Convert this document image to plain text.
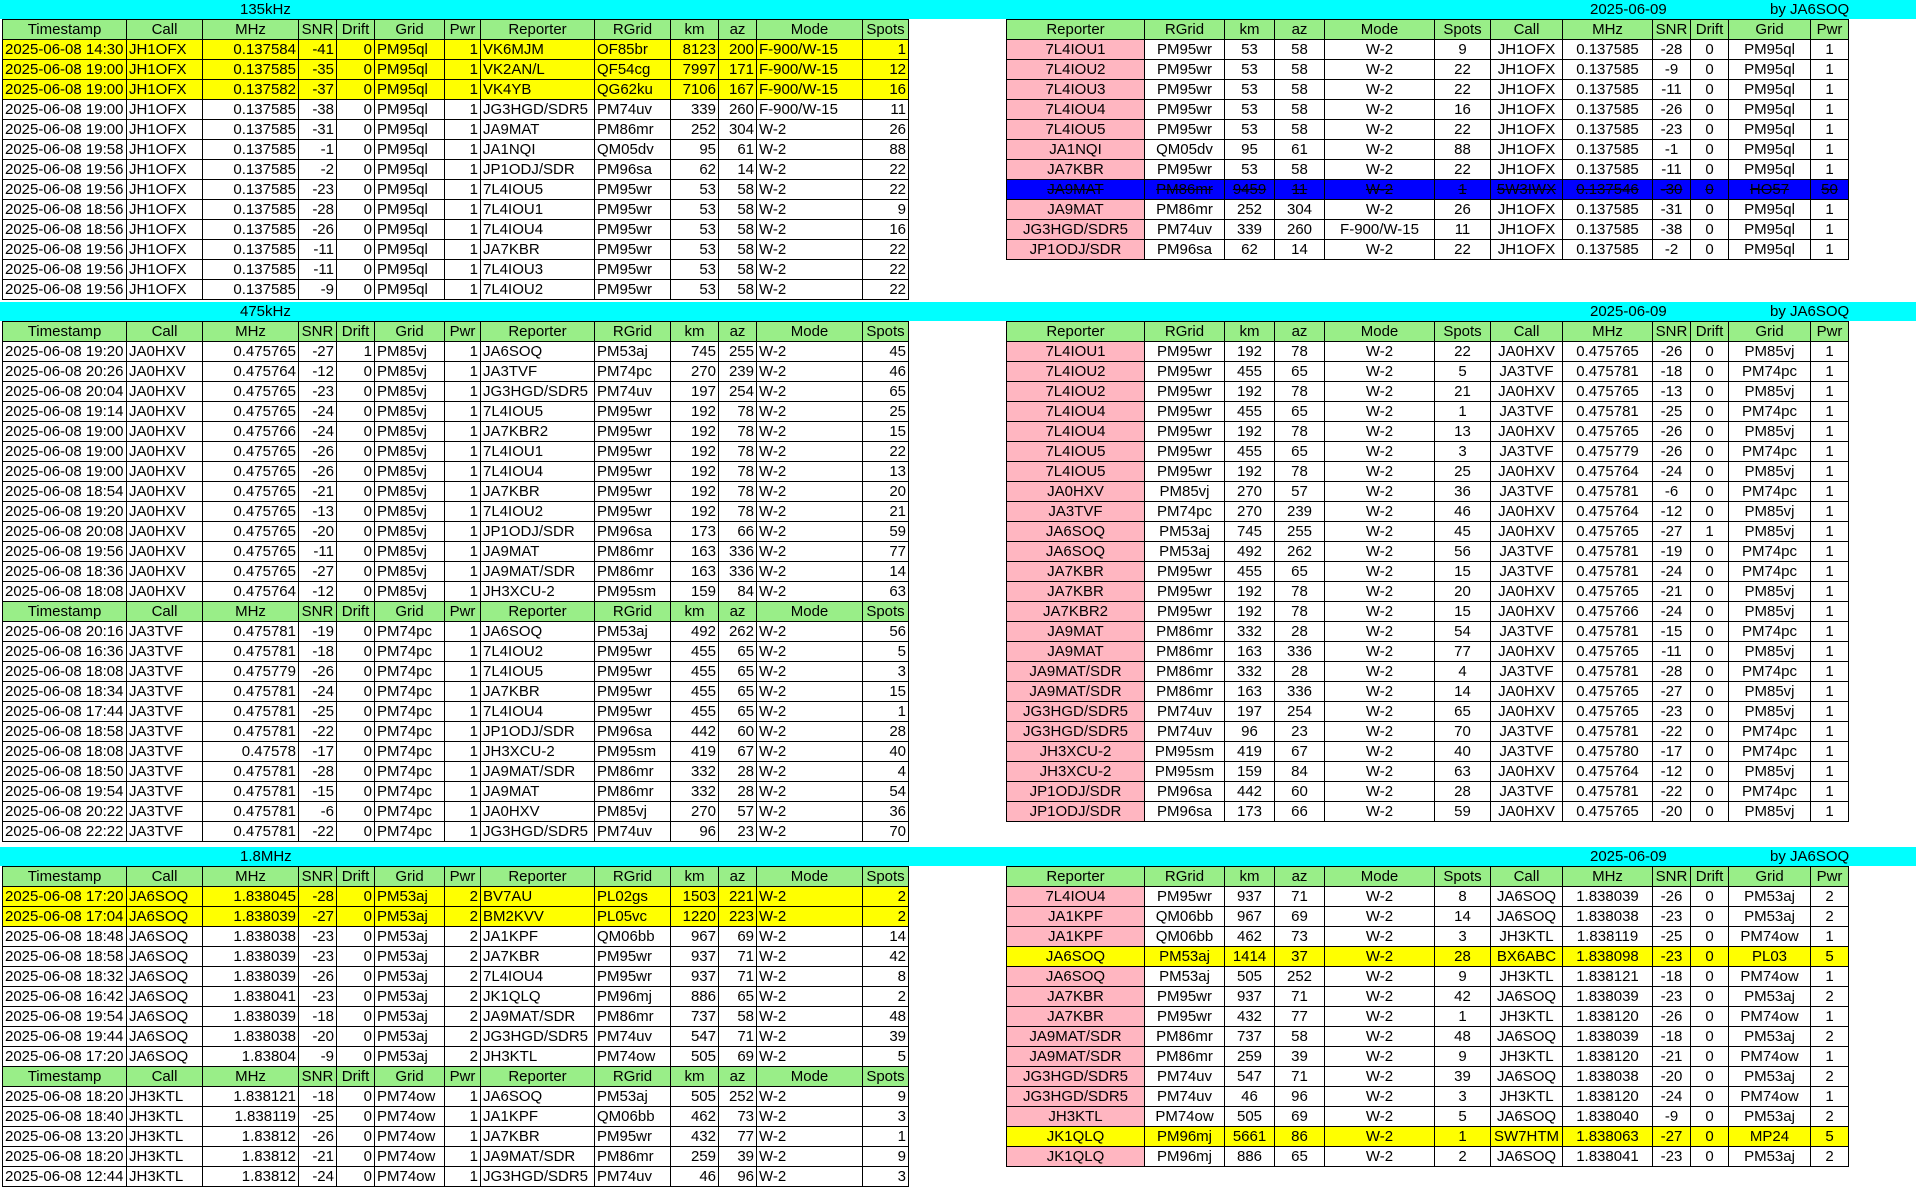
135kHz	2025-06-09	by JA6SOQ
Timestamp	Call	MHz	SNR	Drift	Grid	Pwr	Reporter	RGrid	km	az	Mode	Spots
2025-06-08 14:30	JH1OFX	0.137584	-41	0	PM95ql	1	VK6MJM	OF85br	8123	200	F-900/W-15	1
2025-06-08 19:00	JH1OFX	0.137585	-35	0	PM95ql	1	VK2AN/L	QF54cg	7997	171	F-900/W-15	12
2025-06-08 19:00	JH1OFX	0.137582	-37	0	PM95ql	1	VK4YB	QG62ku	7106	167	F-900/W-15	16
2025-06-08 19:00	JH1OFX	0.137585	-38	0	PM95ql	1	JG3HGD/SDR5	PM74uv	339	260	F-900/W-15	11
2025-06-08 19:00	JH1OFX	0.137585	-31	0	PM95ql	1	JA9MAT	PM86mr	252	304	W-2	26
2025-06-08 19:58	JH1OFX	0.137585	-1	0	PM95ql	1	JA1NQI	QM05dv	95	61	W-2	88
2025-06-08 19:56	JH1OFX	0.137585	-2	0	PM95ql	1	JP1ODJ/SDR	PM96sa	62	14	W-2	22
2025-06-08 19:56	JH1OFX	0.137585	-23	0	PM95ql	1	7L4IOU5	PM95wr	53	58	W-2	22
2025-06-08 18:56	JH1OFX	0.137585	-28	0	PM95ql	1	7L4IOU1	PM95wr	53	58	W-2	9
2025-06-08 18:56	JH1OFX	0.137585	-26	0	PM95ql	1	7L4IOU4	PM95wr	53	58	W-2	16
2025-06-08 19:56	JH1OFX	0.137585	-11	0	PM95ql	1	JA7KBR	PM95wr	53	58	W-2	22
2025-06-08 19:56	JH1OFX	0.137585	-11	0	PM95ql	1	7L4IOU3	PM95wr	53	58	W-2	22
2025-06-08 19:56	JH1OFX	0.137585	-9	0	PM95ql	1	7L4IOU2	PM95wr	53	58	W-2	22
Reporter	RGrid	km	az	Mode	Spots	Call	MHz	SNR	Drift	Grid	Pwr
7L4IOU1	PM95wr	53	58	W-2	9	JH1OFX	0.137585	-28	0	PM95ql	1
7L4IOU2	PM95wr	53	58	W-2	22	JH1OFX	0.137585	-9	0	PM95ql	1
7L4IOU3	PM95wr	53	58	W-2	22	JH1OFX	0.137585	-11	0	PM95ql	1
7L4IOU4	PM95wr	53	58	W-2	16	JH1OFX	0.137585	-26	0	PM95ql	1
7L4IOU5	PM95wr	53	58	W-2	22	JH1OFX	0.137585	-23	0	PM95ql	1
JA1NQI	QM05dv	95	61	W-2	88	JH1OFX	0.137585	-1	0	PM95ql	1
JA7KBR	PM95wr	53	58	W-2	22	JH1OFX	0.137585	-11	0	PM95ql	1
JA9MAT	PM86mr	9459	11	W-2	1	5W3IWX	0.137546	-30	0	HO57	50
JA9MAT	PM86mr	252	304	W-2	26	JH1OFX	0.137585	-31	0	PM95ql	1
JG3HGD/SDR5	PM74uv	339	260	F-900/W-15	11	JH1OFX	0.137585	-38	0	PM95ql	1
JP1ODJ/SDR	PM96sa	62	14	W-2	22	JH1OFX	0.137585	-2	0	PM95ql	1
475kHz	2025-06-09	by JA6SOQ
Timestamp	Call	MHz	SNR	Drift	Grid	Pwr	Reporter	RGrid	km	az	Mode	Spots
2025-06-08 19:20	JA0HXV	0.475765	-27	1	PM85vj	1	JA6SOQ	PM53aj	745	255	W-2	45
2025-06-08 20:26	JA0HXV	0.475764	-12	0	PM85vj	1	JA3TVF	PM74pc	270	239	W-2	46
2025-06-08 20:04	JA0HXV	0.475765	-23	0	PM85vj	1	JG3HGD/SDR5	PM74uv	197	254	W-2	65
2025-06-08 19:14	JA0HXV	0.475765	-24	0	PM85vj	1	7L4IOU5	PM95wr	192	78	W-2	25
2025-06-08 19:00	JA0HXV	0.475766	-24	0	PM85vj	1	JA7KBR2	PM95wr	192	78	W-2	15
2025-06-08 19:00	JA0HXV	0.475765	-26	0	PM85vj	1	7L4IOU1	PM95wr	192	78	W-2	22
2025-06-08 19:00	JA0HXV	0.475765	-26	0	PM85vj	1	7L4IOU4	PM95wr	192	78	W-2	13
2025-06-08 18:54	JA0HXV	0.475765	-21	0	PM85vj	1	JA7KBR	PM95wr	192	78	W-2	20
2025-06-08 19:20	JA0HXV	0.475765	-13	0	PM85vj	1	7L4IOU2	PM95wr	192	78	W-2	21
2025-06-08 20:08	JA0HXV	0.475765	-20	0	PM85vj	1	JP1ODJ/SDR	PM96sa	173	66	W-2	59
2025-06-08 19:56	JA0HXV	0.475765	-11	0	PM85vj	1	JA9MAT	PM86mr	163	336	W-2	77
2025-06-08 18:36	JA0HXV	0.475765	-27	0	PM85vj	1	JA9MAT/SDR	PM86mr	163	336	W-2	14
2025-06-08 18:08	JA0HXV	0.475764	-12	0	PM85vj	1	JH3XCU-2	PM95sm	159	84	W-2	63
Timestamp	Call	MHz	SNR	Drift	Grid	Pwr	Reporter	RGrid	km	az	Mode	Spots
2025-06-08 20:16	JA3TVF	0.475781	-19	0	PM74pc	1	JA6SOQ	PM53aj	492	262	W-2	56
2025-06-08 16:36	JA3TVF	0.475781	-18	0	PM74pc	1	7L4IOU2	PM95wr	455	65	W-2	5
2025-06-08 18:08	JA3TVF	0.475779	-26	0	PM74pc	1	7L4IOU5	PM95wr	455	65	W-2	3
2025-06-08 18:34	JA3TVF	0.475781	-24	0	PM74pc	1	JA7KBR	PM95wr	455	65	W-2	15
2025-06-08 17:44	JA3TVF	0.475781	-25	0	PM74pc	1	7L4IOU4	PM95wr	455	65	W-2	1
2025-06-08 18:58	JA3TVF	0.475781	-22	0	PM74pc	1	JP1ODJ/SDR	PM96sa	442	60	W-2	28
2025-06-08 18:08	JA3TVF	0.47578	-17	0	PM74pc	1	JH3XCU-2	PM95sm	419	67	W-2	40
2025-06-08 18:50	JA3TVF	0.475781	-28	0	PM74pc	1	JA9MAT/SDR	PM86mr	332	28	W-2	4
2025-06-08 19:54	JA3TVF	0.475781	-15	0	PM74pc	1	JA9MAT	PM86mr	332	28	W-2	54
2025-06-08 20:22	JA3TVF	0.475781	-6	0	PM74pc	1	JA0HXV	PM85vj	270	57	W-2	36
2025-06-08 22:22	JA3TVF	0.475781	-22	0	PM74pc	1	JG3HGD/SDR5	PM74uv	96	23	W-2	70
Reporter	RGrid	km	az	Mode	Spots	Call	MHz	SNR	Drift	Grid	Pwr
7L4IOU1	PM95wr	192	78	W-2	22	JA0HXV	0.475765	-26	0	PM85vj	1
7L4IOU2	PM95wr	455	65	W-2	5	JA3TVF	0.475781	-18	0	PM74pc	1
7L4IOU2	PM95wr	192	78	W-2	21	JA0HXV	0.475765	-13	0	PM85vj	1
7L4IOU4	PM95wr	455	65	W-2	1	JA3TVF	0.475781	-25	0	PM74pc	1
7L4IOU4	PM95wr	192	78	W-2	13	JA0HXV	0.475765	-26	0	PM85vj	1
7L4IOU5	PM95wr	455	65	W-2	3	JA3TVF	0.475779	-26	0	PM74pc	1
7L4IOU5	PM95wr	192	78	W-2	25	JA0HXV	0.475764	-24	0	PM85vj	1
JA0HXV	PM85vj	270	57	W-2	36	JA3TVF	0.475781	-6	0	PM74pc	1
JA3TVF	PM74pc	270	239	W-2	46	JA0HXV	0.475764	-12	0	PM85vj	1
JA6SOQ	PM53aj	745	255	W-2	45	JA0HXV	0.475765	-27	1	PM85vj	1
JA6SOQ	PM53aj	492	262	W-2	56	JA3TVF	0.475781	-19	0	PM74pc	1
JA7KBR	PM95wr	455	65	W-2	15	JA3TVF	0.475781	-24	0	PM74pc	1
JA7KBR	PM95wr	192	78	W-2	20	JA0HXV	0.475765	-21	0	PM85vj	1
JA7KBR2	PM95wr	192	78	W-2	15	JA0HXV	0.475766	-24	0	PM85vj	1
JA9MAT	PM86mr	332	28	W-2	54	JA3TVF	0.475781	-15	0	PM74pc	1
JA9MAT	PM86mr	163	336	W-2	77	JA0HXV	0.475765	-11	0	PM85vj	1
JA9MAT/SDR	PM86mr	332	28	W-2	4	JA3TVF	0.475781	-28	0	PM74pc	1
JA9MAT/SDR	PM86mr	163	336	W-2	14	JA0HXV	0.475765	-27	0	PM85vj	1
JG3HGD/SDR5	PM74uv	197	254	W-2	65	JA0HXV	0.475765	-23	0	PM85vj	1
JG3HGD/SDR5	PM74uv	96	23	W-2	70	JA3TVF	0.475781	-22	0	PM74pc	1
JH3XCU-2	PM95sm	419	67	W-2	40	JA3TVF	0.475780	-17	0	PM74pc	1
JH3XCU-2	PM95sm	159	84	W-2	63	JA0HXV	0.475764	-12	0	PM85vj	1
JP1ODJ/SDR	PM96sa	442	60	W-2	28	JA3TVF	0.475781	-22	0	PM74pc	1
JP1ODJ/SDR	PM96sa	173	66	W-2	59	JA0HXV	0.475765	-20	0	PM85vj	1
1.8MHz	2025-06-09	by JA6SOQ
Timestamp	Call	MHz	SNR	Drift	Grid	Pwr	Reporter	RGrid	km	az	Mode	Spots
2025-06-08 17:20	JA6SOQ	1.838045	-28	0	PM53aj	2	BV7AU	PL02gs	1503	221	W-2	2
2025-06-08 17:04	JA6SOQ	1.838039	-27	0	PM53aj	2	BM2KVV	PL05vc	1220	223	W-2	2
2025-06-08 18:48	JA6SOQ	1.838038	-23	0	PM53aj	2	JA1KPF	QM06bb	967	69	W-2	14
2025-06-08 18:58	JA6SOQ	1.838039	-23	0	PM53aj	2	JA7KBR	PM95wr	937	71	W-2	42
2025-06-08 18:32	JA6SOQ	1.838039	-26	0	PM53aj	2	7L4IOU4	PM95wr	937	71	W-2	8
2025-06-08 16:42	JA6SOQ	1.838041	-23	0	PM53aj	2	JK1QLQ	PM96mj	886	65	W-2	2
2025-06-08 19:54	JA6SOQ	1.838039	-18	0	PM53aj	2	JA9MAT/SDR	PM86mr	737	58	W-2	48
2025-06-08 19:44	JA6SOQ	1.838038	-20	0	PM53aj	2	JG3HGD/SDR5	PM74uv	547	71	W-2	39
2025-06-08 17:20	JA6SOQ	1.83804	-9	0	PM53aj	2	JH3KTL	PM74ow	505	69	W-2	5
Timestamp	Call	MHz	SNR	Drift	Grid	Pwr	Reporter	RGrid	km	az	Mode	Spots
2025-06-08 18:20	JH3KTL	1.838121	-18	0	PM74ow	1	JA6SOQ	PM53aj	505	252	W-2	9
2025-06-08 18:40	JH3KTL	1.838119	-25	0	PM74ow	1	JA1KPF	QM06bb	462	73	W-2	3
2025-06-08 13:20	JH3KTL	1.83812	-26	0	PM74ow	1	JA7KBR	PM95wr	432	77	W-2	1
2025-06-08 18:20	JH3KTL	1.83812	-21	0	PM74ow	1	JA9MAT/SDR	PM86mr	259	39	W-2	9
2025-06-08 12:44	JH3KTL	1.83812	-24	0	PM74ow	1	JG3HGD/SDR5	PM74uv	46	96	W-2	3
Reporter	RGrid	km	az	Mode	Spots	Call	MHz	SNR	Drift	Grid	Pwr
7L4IOU4	PM95wr	937	71	W-2	8	JA6SOQ	1.838039	-26	0	PM53aj	2
JA1KPF	QM06bb	967	69	W-2	14	JA6SOQ	1.838038	-23	0	PM53aj	2
JA1KPF	QM06bb	462	73	W-2	3	JH3KTL	1.838119	-25	0	PM74ow	1
JA6SOQ	PM53aj	1414	37	W-2	28	BX6ABC	1.838098	-23	0	PL03	5
JA6SOQ	PM53aj	505	252	W-2	9	JH3KTL	1.838121	-18	0	PM74ow	1
JA7KBR	PM95wr	937	71	W-2	42	JA6SOQ	1.838039	-23	0	PM53aj	2
JA7KBR	PM95wr	432	77	W-2	1	JH3KTL	1.838120	-26	0	PM74ow	1
JA9MAT/SDR	PM86mr	737	58	W-2	48	JA6SOQ	1.838039	-18	0	PM53aj	2
JA9MAT/SDR	PM86mr	259	39	W-2	9	JH3KTL	1.838120	-21	0	PM74ow	1
JG3HGD/SDR5	PM74uv	547	71	W-2	39	JA6SOQ	1.838038	-20	0	PM53aj	2
JG3HGD/SDR5	PM74uv	46	96	W-2	3	JH3KTL	1.838120	-24	0	PM74ow	1
JH3KTL	PM74ow	505	69	W-2	5	JA6SOQ	1.838040	-9	0	PM53aj	2
JK1QLQ	PM96mj	5661	86	W-2	1	SW7HTM	1.838063	-27	0	MP24	5
JK1QLQ	PM96mj	886	65	W-2	2	JA6SOQ	1.838041	-23	0	PM53aj	2
